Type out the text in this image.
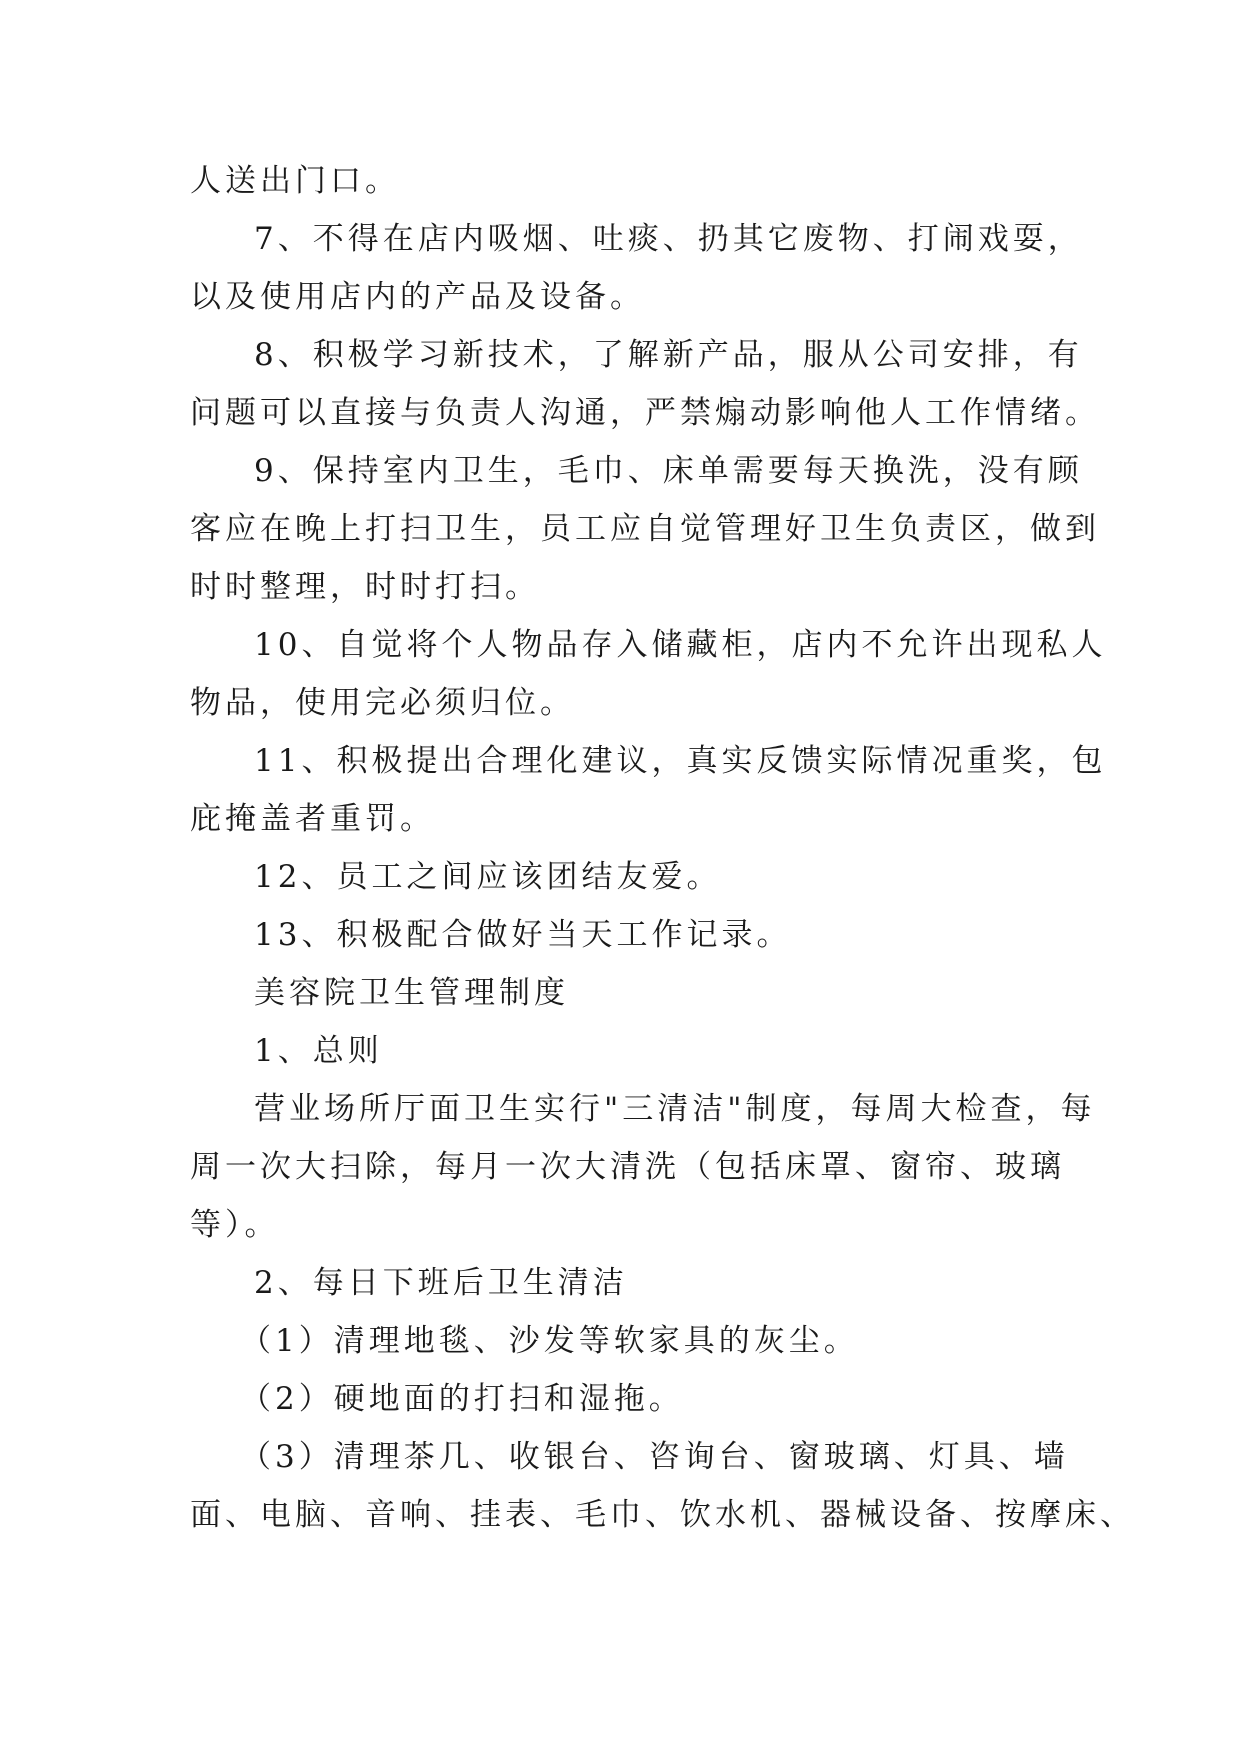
人送出门口。
7、不得在店内吸烟、吐痰、扔其它废物、打闹戏耍，
以及使用店内的产品及设备。
8、积极学习新技术，了解新产品，服从公司安排，有
问题可以直接与负责人沟通，严禁煽动影响他人工作情绪。
9、保持室内卫生，毛巾、床单需要每天换洗，没有顾
客应在晚上打扫卫生，员工应自觉管理好卫生负责区，做到
时时整理，时时打扫。
10、自觉将个人物品存入储藏柜，店内不允许出现私人
物品，使用完必须归位。
11、积极提出合理化建议，真实反馈实际情况重奖，包
庇掩盖者重罚。
12、员工之间应该团结友爱。
13、积极配合做好当天工作记录。
美容院卫生管理制度
1、总则
营业场所厅面卫生实行"三清洁"制度，每周大检查，每
周一次大扫除，每月一次大清洗（包括床罩、窗帘、玻璃
等）。
2、每日下班后卫生清洁
（1）清理地毯、沙发等软家具的灰尘。
（2）硬地面的打扫和湿拖。
（3）清理茶几、收银台、咨询台、窗玻璃、灯具、墙
面、电脑、音响、挂表、毛巾、饮水机、器械设备、按摩床、
